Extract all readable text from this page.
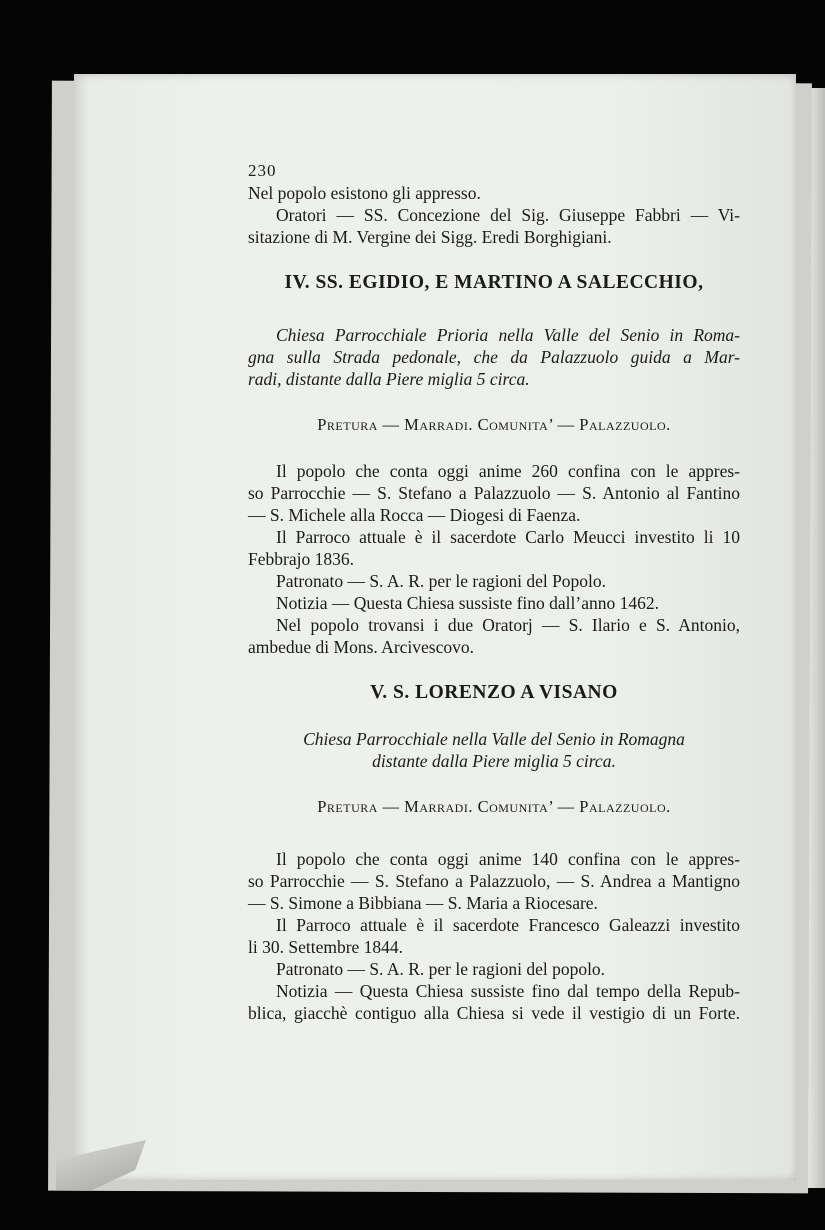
230
Nel popolo esistono gli appresso.
Oratori — SS. Concezione del Sig. Giuseppe Fabbri — Vi-
sitazione di M. Vergine dei Sigg. Eredi Borghigiani.
IV. SS. EGIDIO, E MARTINO A SALECCHIO,
Chiesa Parrocchiale Prioria nella Valle del Senio in Roma-
gna sulla Strada pedonale, che da Palazzuolo guida a Mar-
radi, distante dalla Piere miglia 5 circa.
Pretura — Marradi. Comunita’ — Palazzuolo.
Il popolo che conta oggi anime 260 confina con le appres-
so Parrocchie — S. Stefano a Palazzuolo — S. Antonio al Fantino
— S. Michele alla Rocca — Diogesi di Faenza.
Il Parroco attuale è il sacerdote Carlo Meucci investito li 10
Febbrajo 1836.
Patronato — S. A. R. per le ragioni del Popolo.
Notizia — Questa Chiesa sussiste fino dall’anno 1462.
Nel popolo trovansi i due Oratorj — S. Ilario e S. Antonio,
ambedue di Mons. Arcivescovo.
V. S. LORENZO A VISANO
Chiesa Parrocchiale nella Valle del Senio in Romagna
distante dalla Piere miglia 5 circa.
Pretura — Marradi. Comunita’ — Palazzuolo.
Il popolo che conta oggi anime 140 confina con le appres-
so Parrocchie — S. Stefano a Palazzuolo, — S. Andrea a Mantigno
— S. Simone a Bibbiana — S. Maria a Riocesare.
Il Parroco attuale è il sacerdote Francesco Galeazzi investito
li 30. Settembre 1844.
Patronato — S. A. R. per le ragioni del popolo.
Notizia — Questa Chiesa sussiste fino dal tempo della Repub-
blica, giacchè contiguo alla Chiesa si vede il vestigio di un Forte.
